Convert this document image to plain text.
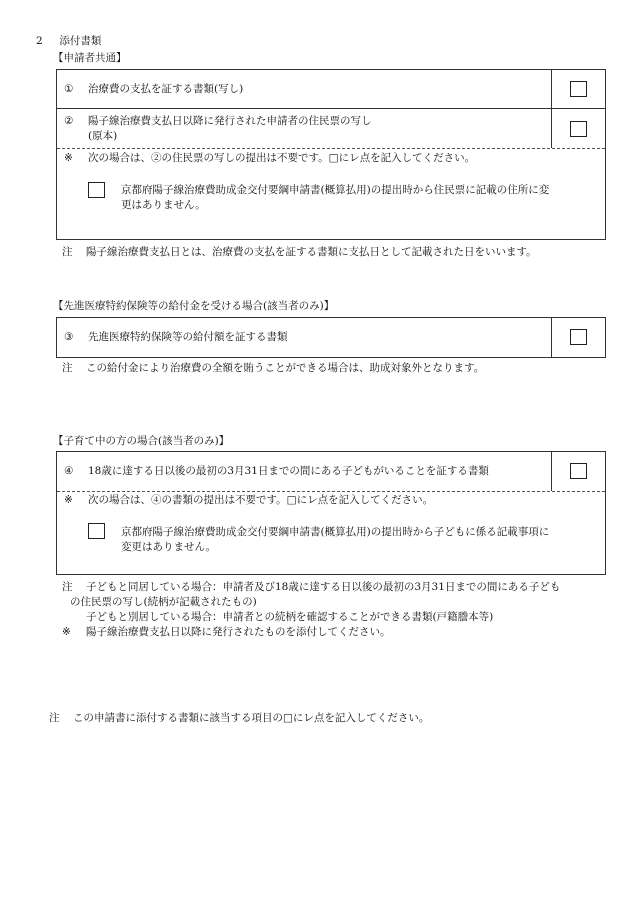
2 添付書類
【申請者共通】
① 治療費の支払を証する書類(写し)
② 陽子線治療費支払日以降に発行された申請者の住民票の写し
(原本)
※ 次の場合は、②の住民票の写しの提出は不要です。□にレ点を記入してください。
京都府陽子線治療費助成金交付要綱申請書(概算払用)の提出時から住民票に記載の住所に変
更はありません。
注 陽子線治療費支払日とは、治療費の支払を証する書類に支払日として記載された日をいいます。
【先進医療特約保険等の給付金を受ける場合(該当者のみ)】
③ 先進医療特約保険等の給付額を証する書類
注 この給付金により治療費の全額を賄うことができる場合は、助成対象外となります。
【子育て中の方の場合(該当者のみ)】
④ 18歳に達する日以後の最初の3月31日までの間にある子どもがいることを証する書類
※ 次の場合は、④の書類の提出は不要です。□にレ点を記入してください。
京都府陽子線治療費助成金交付要綱申請書(概算払用)の提出時から子どもに係る記載事項に
変更はありません。
注 子どもと同居している場合：申請者及び18歳に達する日以後の最初の3月31日までの間にある子ども
の住民票の写し(続柄が記載されたもの)
子どもと別居している場合：申請者との続柄を確認することができる書類(戸籍謄本等)
※ 陽子線治療費支払日以降に発行されたものを添付してください。
注 この申請書に添付する書類に該当する項目の□にレ点を記入してください。
